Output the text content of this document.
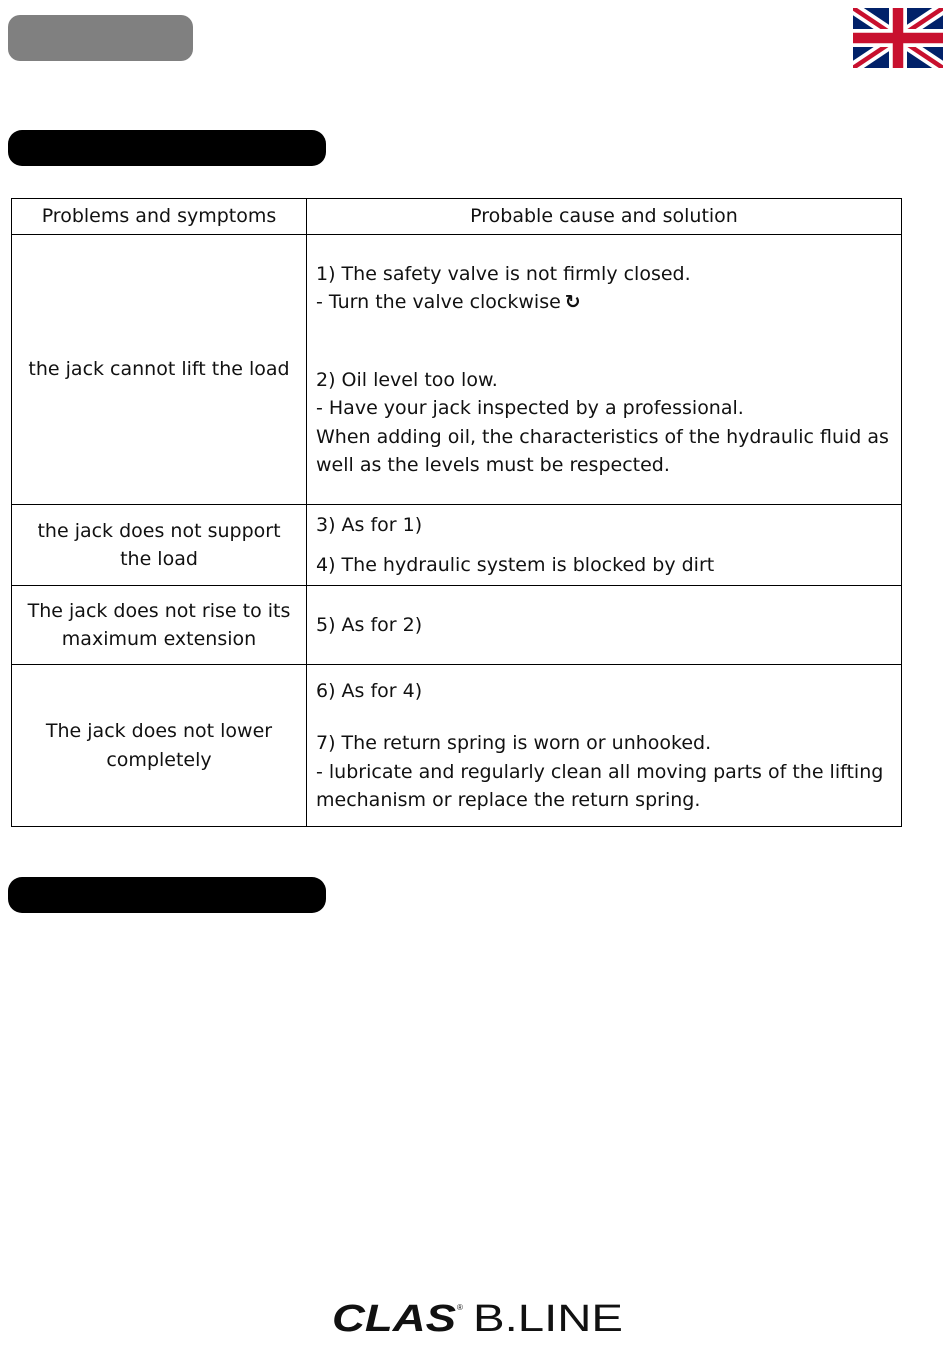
Problems and symptoms	Probable cause and solution
the jack cannot lift the load	1) The safety valve is not firmly closed.
- Turn the valve clockwise ↻
2) Oil level too low.
- Have your jack inspected by a professional.
When adding oil, the characteristics of the hydraulic fluid as well as the levels must be respected.

the jack does not support the load	3) As for 1)
4) The hydraulic system is blocked by dirt

The jack does not rise to its maximum extension	5) As for 2)

The jack does not lower completely	6) As for 4)
7) The return spring is worn or unhooked.
- lubricate and regularly clean all moving parts of the lifting mechanism or replace the return spring.
CLAS ® B.LINE
